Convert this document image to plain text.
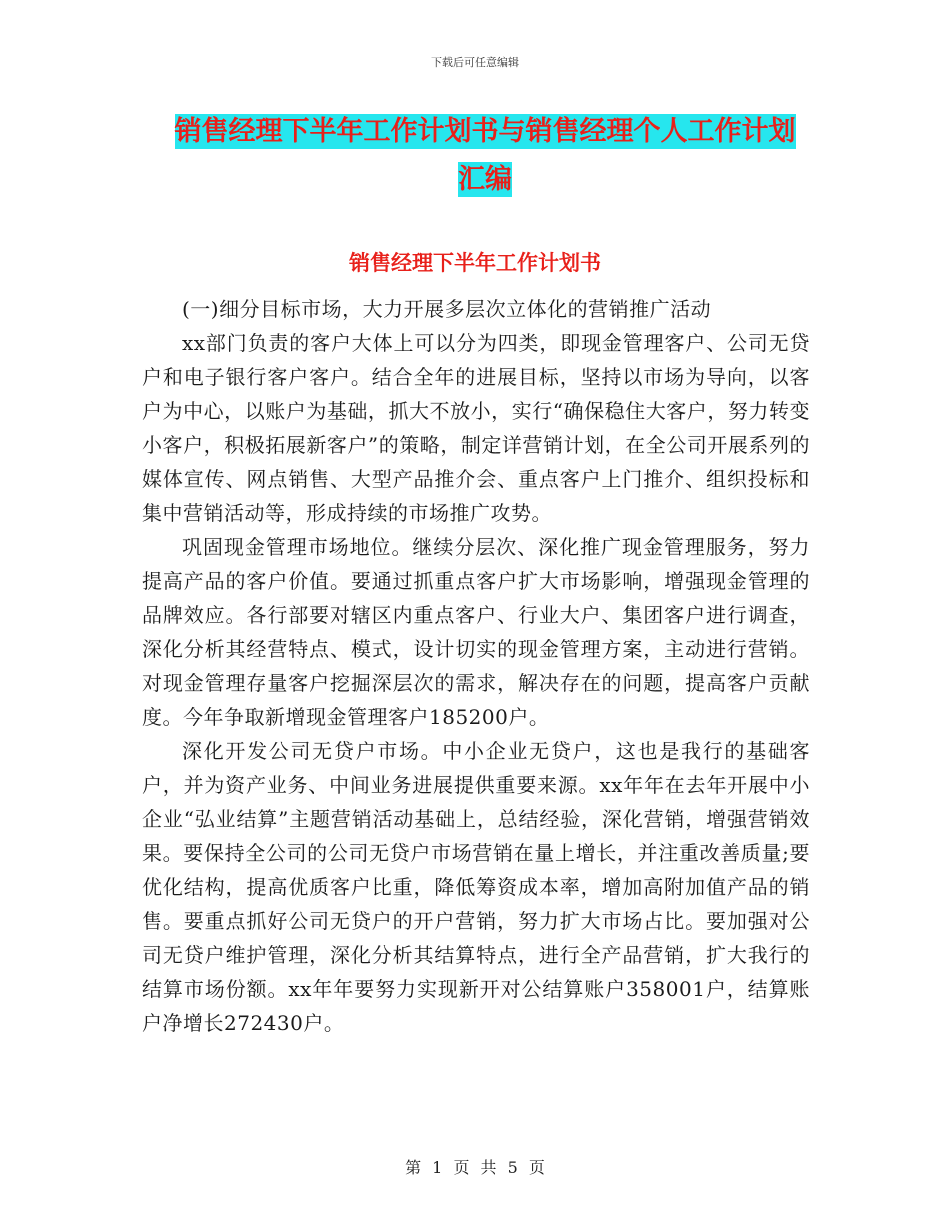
下载后可任意编辑
销售经理下半年工作计划书与销售经理个人工作计划
汇编
销售经理下半年工作计划书

(一)细分目标市场，大力开展多层次立体化的营销推广活动

xx部门负责的客户大体上可以分为四类，即现金管理客户、公司无贷户和电子银行客户客户。结合全年的进展目标，坚持以市场为导向，以客户为中心，以账户为基础，抓大不放小，实行“确保稳住大客户，努力转变小客户，积极拓展新客户”的策略，制定详营销计划，在全公司开展系列的媒体宣传、网点销售、大型产品推介会、重点客户上门推介、组织投标和集中营销活动等，形成持续的市场推广攻势。

巩固现金管理市场地位。继续分层次、深化推广现金管理服务，努力提高产品的客户价值。要通过抓重点客户扩大市场影响，增强现金管理的品牌效应。各行部要对辖区内重点客户、行业大户、集团客户进行调查，深化分析其经营特点、模式，设计切实的现金管理方案，主动进行营销。对现金管理存量客户挖掘深层次的需求，解决存在的问题，提高客户贡献度。今年争取新增现金管理客户185200户。

深化开发公司无贷户市场。中小企业无贷户，这也是我行的基础客户，并为资产业务、中间业务进展提供重要来源。xx年年在去年开展中小企业“弘业结算”主题营销活动基础上，总结经验，深化营销，增强营销效果。要保持全公司的公司无贷户市场营销在量上增长，并注重改善质量;要优化结构，提高优质客户比重，降低筹资成本率，增加高附加值产品的销售。要重点抓好公司无贷户的开户营销，努力扩大市场占比。要加强对公司无贷户维护管理，深化分析其结算特点，进行全产品营销，扩大我行的结算市场份额。xx年年要努力实现新开对公结算账户358001户，结算账户净增长272430户。

第 1 页 共 5 页
